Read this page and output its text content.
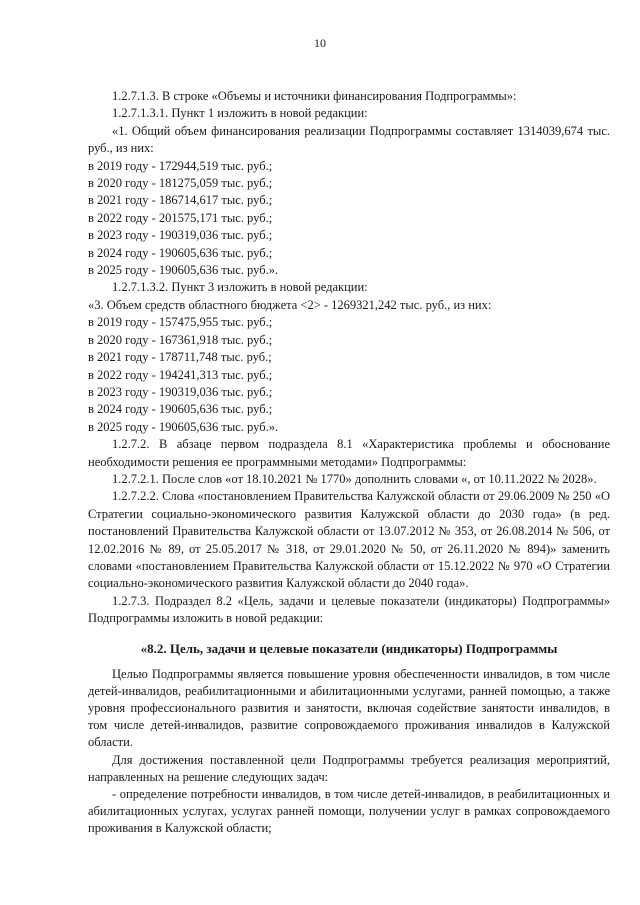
10

1.2.7.1.3. В строке «Объемы и источники финансирования Подпрограммы»:

1.2.7.1.3.1. Пункт 1 изложить в новой редакции:

«1. Общий объем финансирования реализации Подпрограммы составляет 1314039,674 тыс. руб., из них:

в 2019 году - 172944,519 тыс. руб.;

в 2020 году - 181275,059 тыс. руб.;

в 2021 году - 186714,617 тыс. руб.;

в 2022 году - 201575,171 тыс. руб.;

в 2023 году - 190319,036 тыс. руб.;

в 2024 году - 190605,636 тыс. руб.;

в 2025 году - 190605,636 тыс. руб.».

1.2.7.1.3.2. Пункт 3 изложить в новой редакции:

«3. Объем средств областного бюджета <2> - 1269321,242 тыс. руб., из них:

в 2019 году - 157475,955 тыс. руб.;

в 2020 году - 167361,918 тыс. руб.;

в 2021 году - 178711,748 тыс. руб.;

в 2022 году - 194241,313 тыс. руб.;

в 2023 году - 190319,036 тыс. руб.;

в 2024 году - 190605,636 тыс. руб.;

в 2025 году - 190605,636 тыс. руб.».

1.2.7.2. В абзаце первом подраздела 8.1 «Характеристика проблемы и обоснование необходимости решения ее программными методами» Подпрограммы:

1.2.7.2.1. После слов «от 18.10.2021 № 1770» дополнить словами «, от 10.11.2022 № 2028».

1.2.7.2.2. Слова «постановлением Правительства Калужской области от 29.06.2009 № 250 «О Стратегии социально-экономического развития Калужской области до 2030 года» (в ред. постановлений Правительства Калужской области от 13.07.2012 № 353, от 26.08.2014 № 506, от 12.02.2016 № 89, от 25.05.2017 № 318, от 29.01.2020 № 50, от 26.11.2020 № 894)» заменить словами «постановлением Правительства Калужской области от 15.12.2022 № 970 «О Стратегии социально-экономического развития Калужской области до 2040 года».

1.2.7.3. Подраздел 8.2 «Цель, задачи и целевые показатели (индикаторы) Подпрограммы» Подпрограммы изложить в новой редакции:

«8.2. Цель, задачи и целевые показатели (индикаторы) Подпрограммы

Целью Подпрограммы является повышение уровня обеспеченности инвалидов, в том числе детей-инвалидов, реабилитационными и абилитационными услугами, ранней помощью, а также уровня профессионального развития и занятости, включая содействие занятости инвалидов, в том числе детей-инвалидов, развитие сопровождаемого проживания инвалидов в Калужской области.

Для достижения поставленной цели Подпрограммы требуется реализация мероприятий, направленных на решение следующих задач:

- определение потребности инвалидов, в том числе детей-инвалидов, в реабилитационных и абилитационных услугах, услугах ранней помощи, получении услуг в рамках сопровождаемого проживания в Калужской области;
